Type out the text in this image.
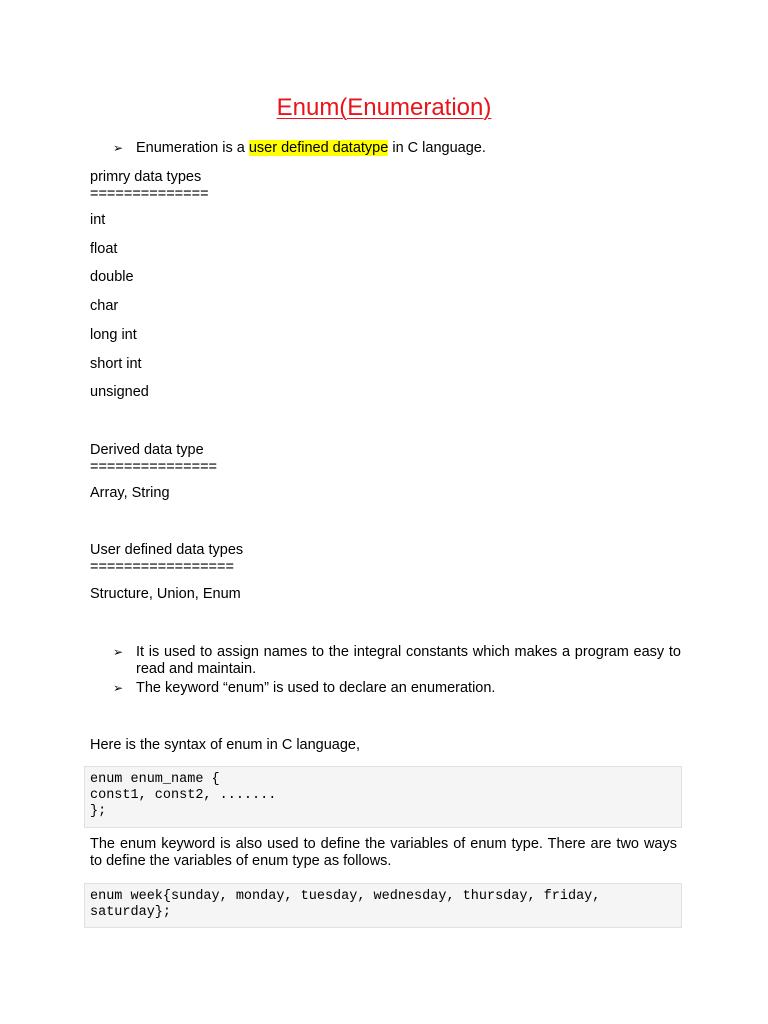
Enum(Enumeration)
➢ Enumeration is a user defined datatype in C language.
primry data types
==============
int
float
double
char
long int
short int
unsigned
Derived data type
===============
Array, String
User defined data types
=================
Structure, Union, Enum
➢ It is used to assign names to the integral constants which makes a program easy to read and maintain.
➢ The keyword “enum” is used to declare an enumeration.
Here is the syntax of enum in C language,
enum enum_name {
const1, const2, .......
};
The enum keyword is also used to define the variables of enum type. There are two ways to define the variables of enum type as follows.
enum week{sunday, monday, tuesday, wednesday, thursday, friday,
saturday};
